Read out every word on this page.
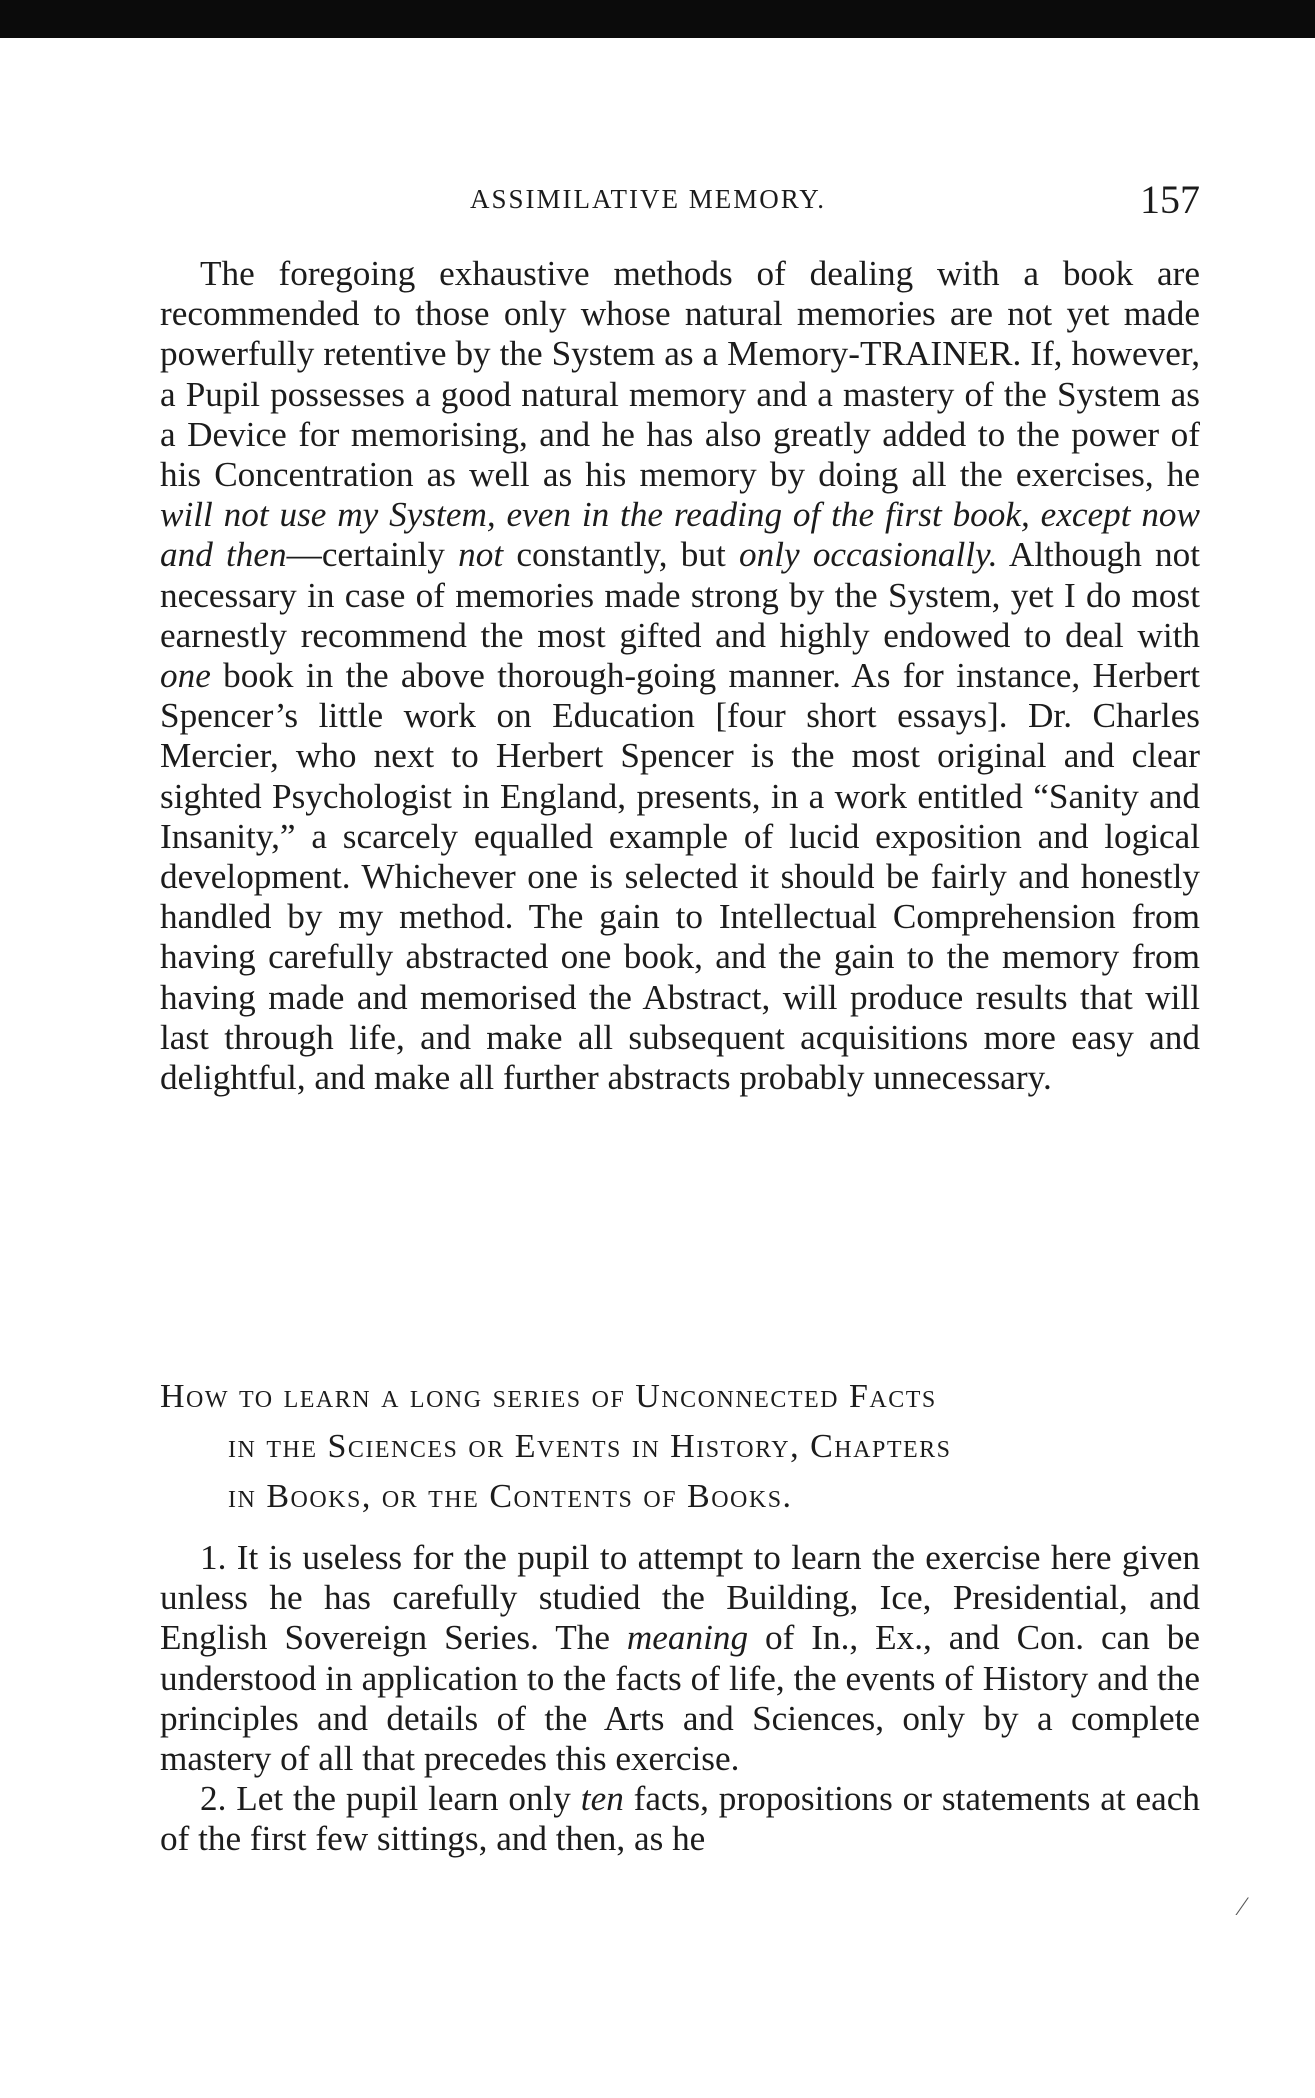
ASSIMILATIVE MEMORY.	157

The foregoing exhaustive methods of dealing with a book are recommended to those only whose natural memories are not yet made powerfully retentive by the System as a Memory-TRAINER. If, however, a Pupil possesses a good natural memory and a mastery of the System as a Device for memorising, and he has also greatly added to the power of his Concentration as well as his memory by doing all the exercises, he will not use my System, even in the reading of the first book, except now and then—certainly not constantly, but only occasionally. Although not necessary in case of memories made strong by the System, yet I do most earnestly recommend the most gifted and highly endowed to deal with one book in the above thorough-going manner. As for instance, Herbert Spencer’s little work on Education [four short essays]. Dr. Charles Mercier, who next to Herbert Spencer is the most original and clear sighted Psychologist in England, presents, in a work entitled “Sanity and Insanity,” a scarcely equalled example of lucid exposition and logical development. Whichever one is selected it should be fairly and honestly handled by my method. The gain to Intellectual Comprehension from having carefully abstracted one book, and the gain to the memory from having made and memorised the Abstract, will produce results that will last through life, and make all subsequent acquisitions more easy and delightful, and make all further abstracts probably unnecessary.

How to learn a long series of Unconnected Facts
in the Sciences or Events in History, Chapters
in Books, or the Contents of Books.

1. It is useless for the pupil to attempt to learn the exercise here given unless he has carefully studied the Building, Ice, Presidential, and English Sovereign Series. The meaning of In., Ex., and Con. can be understood in application to the facts of life, the events of History and the principles and details of the Arts and Sciences, only by a complete mastery of all that precedes this exercise.

2. Let the pupil learn only ten facts, propositions or statements at each of the first few sittings, and then, as he

⁄
